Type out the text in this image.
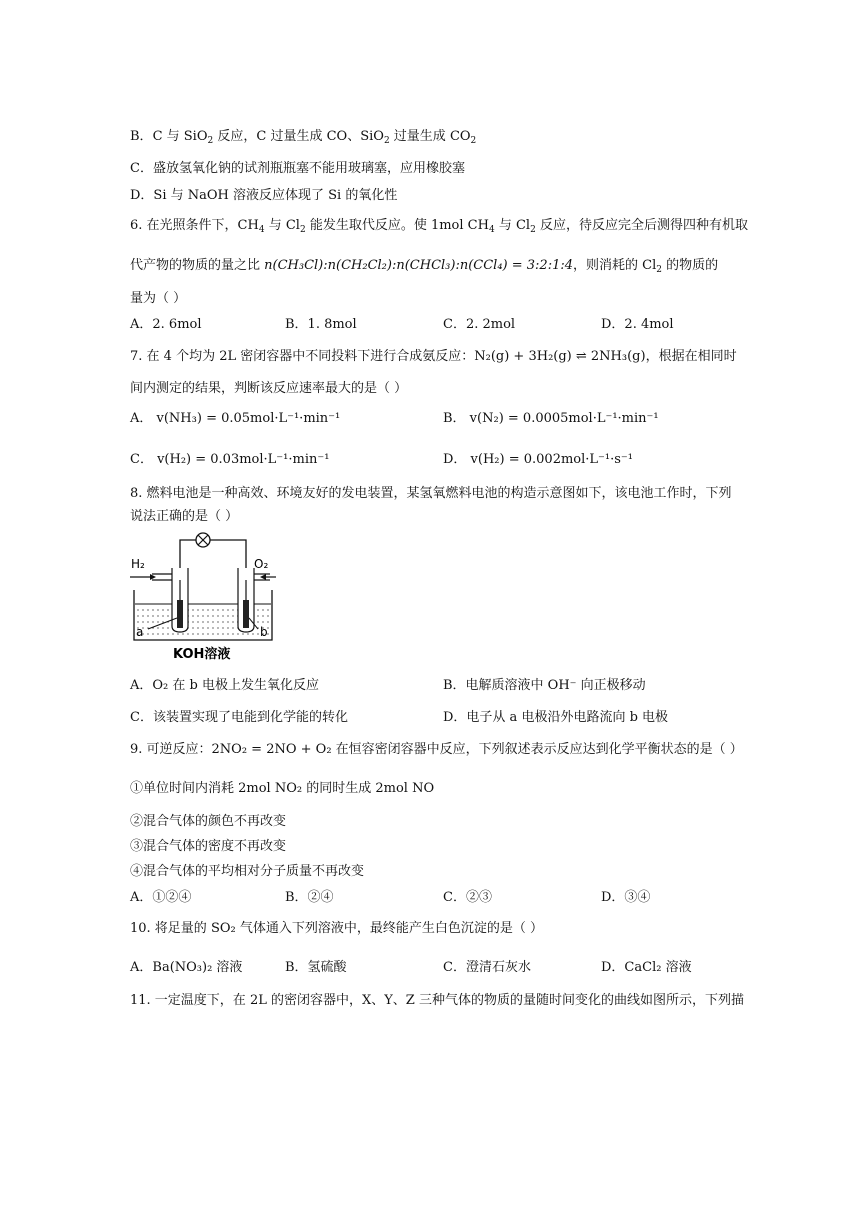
B．C 与 SiO$_2$ 反应，C 过量生成 CO、SiO$_2$ 过量生成 $CO_2$
C．盛放氢氧化钠的试剂瓶瓶塞不能用玻璃塞，应用橡胶塞
D．Si 与 NaOH 溶液反应体现了 Si 的氧化性
6. 在光照条件下，$CH_4$ 与 $Cl_2$ 能发生取代反应。使 1mol $CH_4$ 与 $Cl_2$ 反应，待反应完全后测得四种有机取
代产物的物质的量之比 n(CH₃Cl):n(CH₂Cl₂):n(CHCl₃):n(CCl₄) = 3:2:1:4，则消耗的 $Cl_2$ 的物质的
量为（ ）
A．2. 6mol	B．1. 8mol	C．2. 2mol	D．2. 4mol
7. 在 4 个均为 2L 密闭容器中不同投料下进行合成氨反应：N₂(g) + 3H₂(g) ⇌ 2NH₃(g)，根据在相同时
间内测定的结果，判断该反应速率最大的是（ ）
A． v(NH₃) = 0.05mol·L⁻¹·min⁻¹	B． v(N₂) = 0.0005mol·L⁻¹·min⁻¹
C． v(H₂) = 0.03mol·L⁻¹·min⁻¹	D． v(H₂) = 0.002mol·L⁻¹·s⁻¹
8. 燃料电池是一种高效、环境友好的发电装置，某氢氧燃料电池的构造示意图如下，该电池工作时，下列
说法正确的是（ ）
H₂	O₂
a	b
KOH溶液
A．O₂ 在 b 电极上发生氧化反应	B．电解质溶液中 OH⁻ 向正极移动
C．该装置实现了电能到化学能的转化	D．电子从 a 电极沿外电路流向 b 电极
9. 可逆反应：2NO₂ = 2NO + O₂ 在恒容密闭容器中反应，下列叙述表示反应达到化学平衡状态的是（ ）
①单位时间内消耗 2mol NO₂ 的同时生成 2mol NO
②混合气体的颜色不再改变
③混合气体的密度不再改变
④混合气体的平均相对分子质量不再改变
A．①②④	B．②④	C．②③	D．③④
10. 将足量的 SO₂ 气体通入下列溶液中，最终能产生白色沉淀的是（ ）
A．Ba(NO₃)₂ 溶液	B．氢硫酸	C．澄清石灰水	D．CaCl₂ 溶液
11. 一定温度下，在 2L 的密闭容器中，X、Y、Z 三种气体的物质的量随时间变化的曲线如图所示，下列描
